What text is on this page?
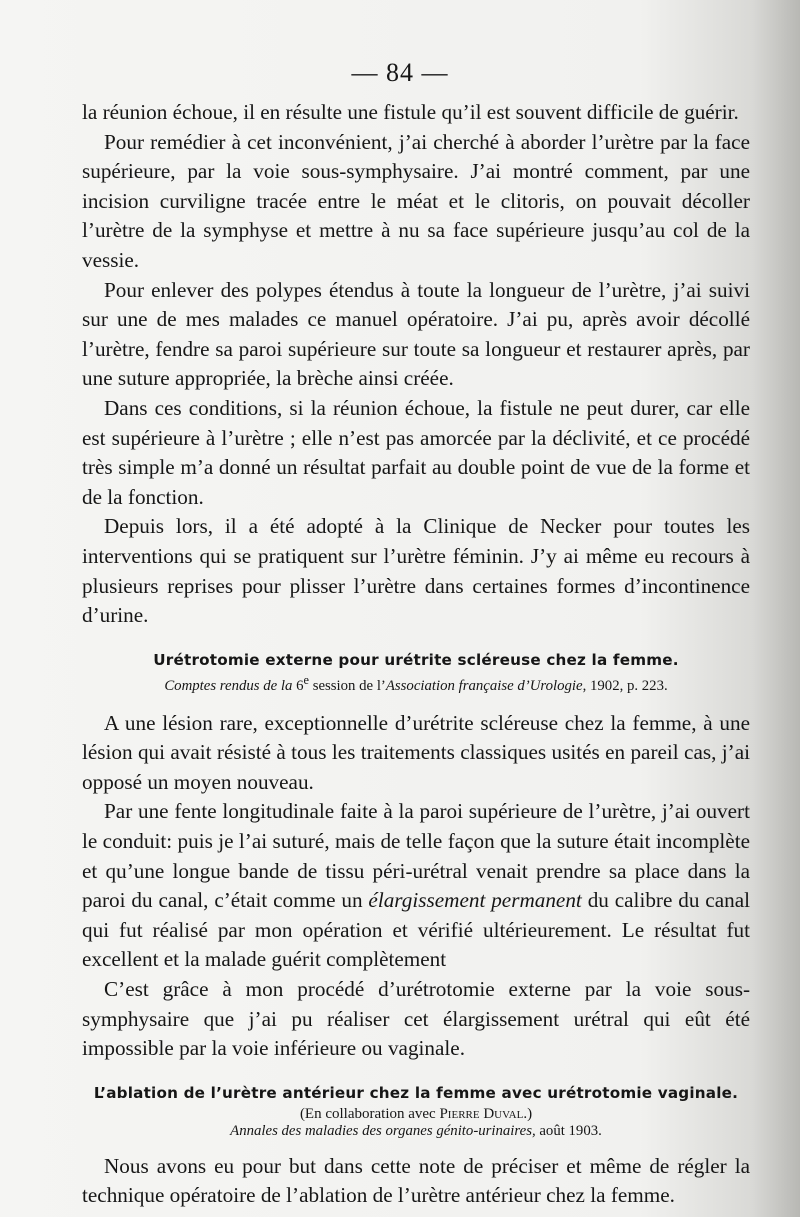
— 84 —

la réunion échoue, il en résulte une fistule qu’il est souvent difficile de guérir.

Pour remédier à cet inconvénient, j’ai cherché à aborder l’urètre par la face supérieure, par la voie sous-symphysaire. J’ai montré comment, par une incision curviligne tracée entre le méat et le clitoris, on pouvait décoller l’urètre de la symphyse et mettre à nu sa face supérieure jusqu’au col de la vessie.

Pour enlever des polypes étendus à toute la longueur de l’urètre, j’ai suivi sur une de mes malades ce manuel opératoire. J’ai pu, après avoir décollé l’urètre, fendre sa paroi supérieure sur toute sa longueur et restaurer après, par une suture appropriée, la brèche ainsi créée.

Dans ces conditions, si la réunion échoue, la fistule ne peut durer, car elle est supérieure à l’urètre ; elle n’est pas amorcée par la déclivité, et ce procédé très simple m’a donné un résultat parfait au double point de vue de la forme et de la fonction.

Depuis lors, il a été adopté à la Clinique de Necker pour toutes les interventions qui se pratiquent sur l’urètre féminin. J’y ai même eu recours à plusieurs reprises pour plisser l’urètre dans certaines formes d’incontinence d’urine.

Urétrotomie externe pour urétrite scléreuse chez la femme.

Comptes rendus de la 6e session de l’Association française d’Urologie, 1902, p. 223.

A une lésion rare, exceptionnelle d’urétrite scléreuse chez la femme, à une lésion qui avait résisté à tous les traitements classiques usités en pareil cas, j’ai opposé un moyen nouveau.

Par une fente longitudinale faite à la paroi supérieure de l’urètre, j’ai ouvert le conduit: puis je l’ai suturé, mais de telle façon que la suture était incomplète et qu’une longue bande de tissu péri-urétral venait prendre sa place dans la paroi du canal, c’était comme un élargissement permanent du calibre du canal qui fut réalisé par mon opération et vérifié ultérieurement. Le résultat fut excellent et la malade guérit complètement

C’est grâce à mon procédé d’urétrotomie externe par la voie sous-symphysaire que j’ai pu réaliser cet élargissement urétral qui eût été impossible par la voie inférieure ou vaginale.

L’ablation de l’urètre antérieur chez la femme avec urétrotomie vaginale.

(En collaboration avec Pierre Duval.)

Annales des maladies des organes génito-urinaires, août 1903.

Nous avons eu pour but dans cette note de préciser et même de régler la technique opératoire de l’ablation de l’urètre antérieur chez la femme.
